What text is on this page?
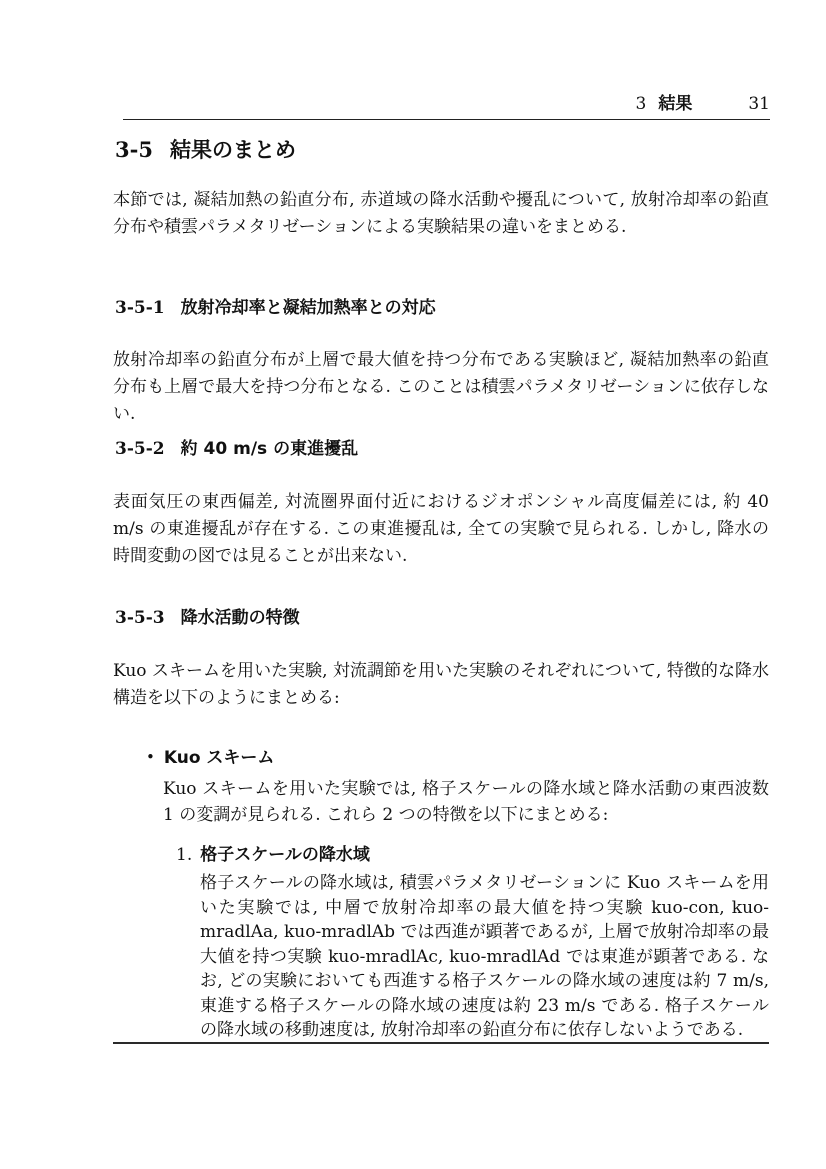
3 結果	31
3-5 結果のまとめ

本節では, 凝結加熱の鉛直分布, 赤道域の降水活動や擾乱について, 放射冷却率の鉛直分布や積雲パラメタリゼーションによる実験結果の違いをまとめる.

3-5-1 放射冷却率と凝結加熱率との対応

放射冷却率の鉛直分布が上層で最大値を持つ分布である実験ほど, 凝結加熱率の鉛直分布も上層で最大を持つ分布となる. このことは積雲パラメタリゼーションに依存しない.

3-5-2 約 40 m/s の東進擾乱

表面気圧の東西偏差, 対流圏界面付近におけるジオポンシャル高度偏差には, 約 40 m/s の東進擾乱が存在する. この東進擾乱は, 全ての実験で見られる. しかし, 降水の時間変動の図では見ることが出来ない.

3-5-3 降水活動の特徴

Kuo スキームを用いた実験, 対流調節を用いた実験のそれぞれについて, 特徴的な降水構造を以下のようにまとめる:

• Kuo スキーム

Kuo スキームを用いた実験では, 格子スケールの降水域と降水活動の東西波数 1 の変調が見られる. これら 2 つの特徴を以下にまとめる:

1. 格子スケールの降水域

格子スケールの降水域は, 積雲パラメタリゼーションに Kuo スキームを用いた実験では, 中層で放射冷却率の最大値を持つ実験 kuo-con, kuo-mradlAa, kuo-mradlAb では西進が顕著であるが, 上層で放射冷却率の最大値を持つ実験 kuo-mradlAc, kuo-mradlAd では東進が顕著である. なお, どの実験においても西進する格子スケールの降水域の速度は約 7 m/s, 東進する格子スケールの降水域の速度は約 23 m/s である. 格子スケールの降水域の移動速度は, 放射冷却率の鉛直分布に依存しないようである.
